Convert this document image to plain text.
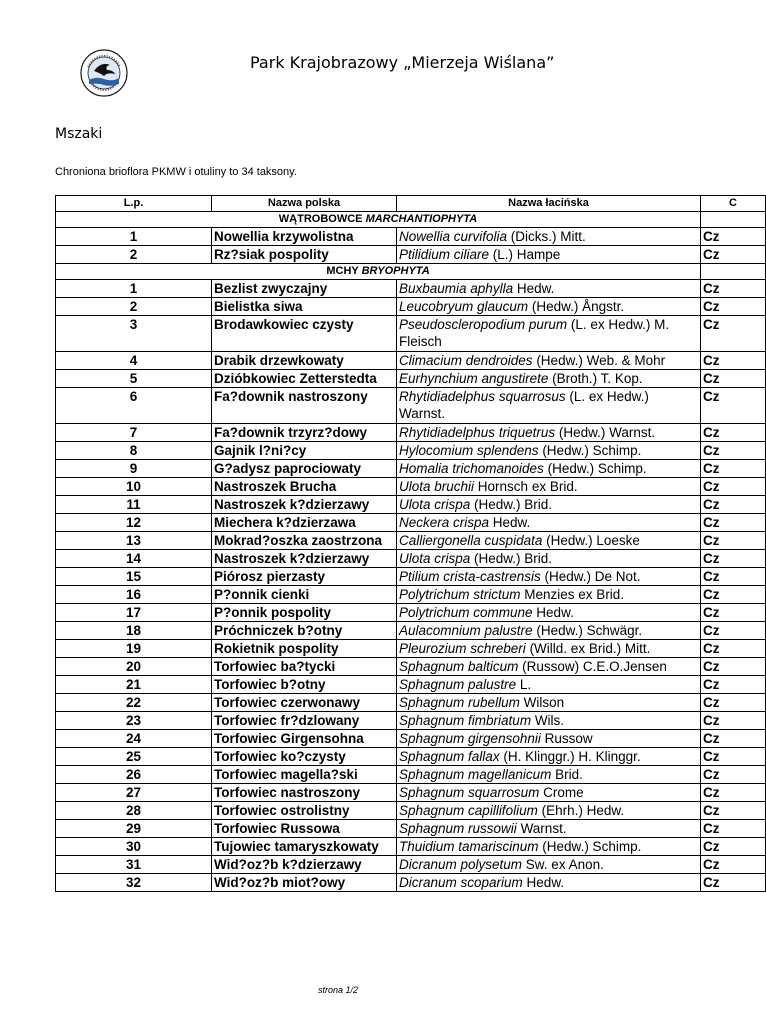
Park Krajobrazowy „Mierzeja Wiślana”
Mszaki
Chroniona brioflora PKMW i otuliny to 34 taksony.
L.p.	Nazwa polska	Nazwa łacińska	C
WĄTROBOWCE MARCHANTIOPHYTA			
1	Nowellia krzywolistna	Nowellia curvifolia (Dicks.) Mitt.	Cz
2	Rz?siak pospolity	Ptilidium ciliare (L.) Hampe	Cz
MCHY BRYOPHYTA			
1	Bezlist zwyczajny	Buxbaumia aphylla Hedw.	Cz
2	Bielistka siwa	Leucobryum glaucum (Hedw.) Ångstr.	Cz
3	Brodawkowiec czysty	Pseudoscleropodium purum (L. ex Hedw.) M. Fleisch	Cz
4	Drabik drzewkowaty	Climacium dendroides (Hedw.) Web. & Mohr	Cz
5	Dzióbkowiec Zetterstedta	Eurhynchium angustirete (Broth.) T. Kop.	Cz
6	Fa?downik nastroszony	Rhytidiadelphus squarrosus (L. ex Hedw.) Warnst.	Cz
7	Fa?downik trzyrz?dowy	Rhytidiadelphus triquetrus (Hedw.) Warnst.	Cz
8	Gajnik l?ni?cy	Hylocomium splendens (Hedw.) Schimp.	Cz
9	G?adysz paprociowaty	Homalia trichomanoides (Hedw.) Schimp.	Cz
10	Nastroszek Brucha	Ulota bruchii Hornsch ex Brid.	Cz
11	Nastroszek k?dzierzawy	Ulota crispa (Hedw.) Brid.	Cz
12	Miechera k?dzierzawa	Neckera crispa Hedw.	Cz
13	Mokrad?oszka zaostrzona	Calliergonella cuspidata (Hedw.) Loeske	Cz
14	Nastroszek k?dzierzawy	Ulota crispa (Hedw.) Brid.	Cz
15	Piórosz pierzasty	Ptilium crista-castrensis (Hedw.) De Not.	Cz
16	P?onnik cienki	Polytrichum strictum Menzies ex Brid.	Cz
17	P?onnik pospolity	Polytrichum commune Hedw.	Cz
18	Próchniczek b?otny	Aulacomnium palustre (Hedw.) Schwägr.	Cz
19	Rokietnik pospolity	Pleurozium schreberi (Willd. ex Brid.) Mitt.	Cz
20	Torfowiec ba?tycki	Sphagnum balticum (Russow) C.E.O.Jensen	Cz
21	Torfowiec b?otny	Sphagnum palustre L.	Cz
22	Torfowiec czerwonawy	Sphagnum rubellum Wilson	Cz
23	Torfowiec fr?dzlowany	Sphagnum fimbriatum Wils.	Cz
24	Torfowiec Girgensohna	Sphagnum girgensohnii Russow	Cz
25	Torfowiec ko?czysty	Sphagnum fallax (H. Klinggr.) H. Klinggr.	Cz
26	Torfowiec magella?ski	Sphagnum magellanicum Brid.	Cz
27	Torfowiec nastroszony	Sphagnum squarrosum Crome	Cz
28	Torfowiec ostrolistny	Sphagnum capillifolium (Ehrh.) Hedw.	Cz
29	Torfowiec Russowa	Sphagnum russowii Warnst.	Cz
30	Tujowiec tamaryszkowaty	Thuidium tamariscinum (Hedw.) Schimp.	Cz
31	Wid?oz?b k?dzierzawy	Dicranum polysetum Sw. ex Anon.	Cz
32	Wid?oz?b miot?owy	Dicranum scoparium Hedw.	Cz
strona 1/2
